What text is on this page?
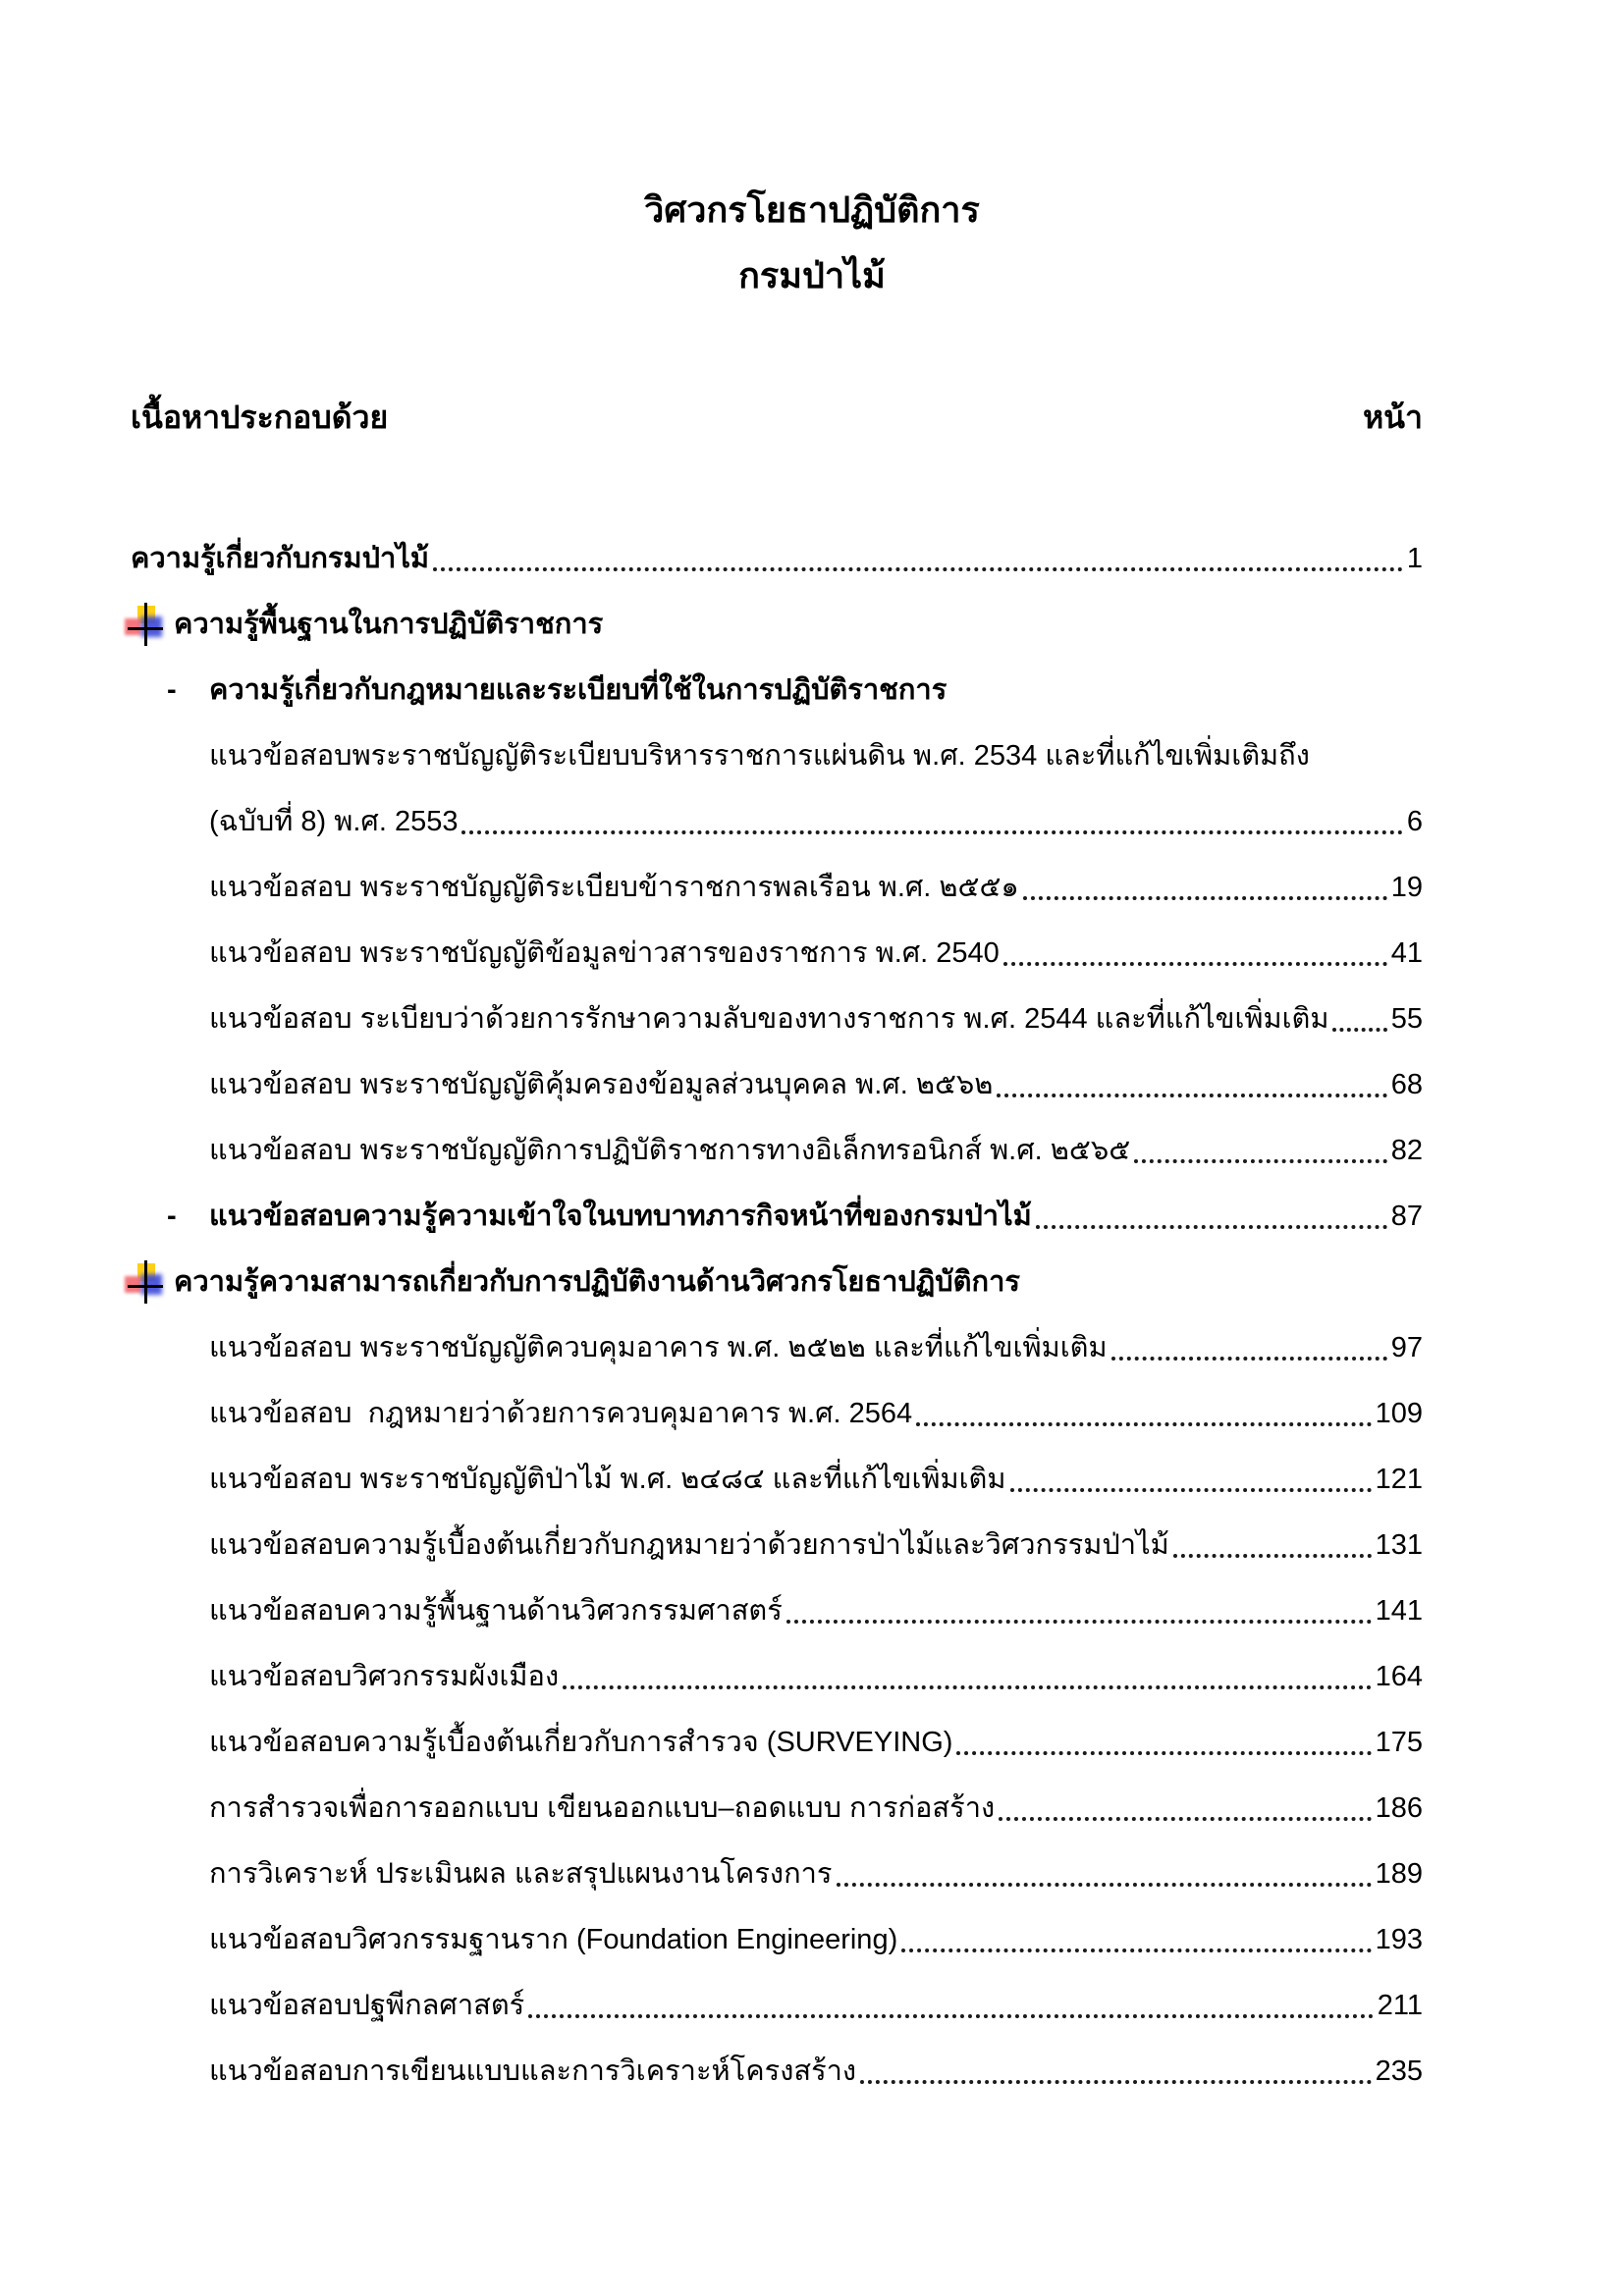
วิศวกรโยธาปฏิบัติการ
กรมป่าไม้
เนื้อหาประกอบด้วย	หน้า
ความรู้เกี่ยวกับกรมป่าไม้	1
ความรู้พื้นฐานในการปฏิบัติราชการ
-	ความรู้เกี่ยวกับกฎหมายและระเบียบที่ใช้ในการปฏิบัติราชการ
แนวข้อสอบพระราชบัญญัติระเบียบบริหารราชการแผ่นดิน พ.ศ. 2534 และที่แก้ไขเพิ่มเติมถึง
(ฉบับที่ 8) พ.ศ. 2553	6
แนวข้อสอบ พระราชบัญญัติระเบียบข้าราชการพลเรือน พ.ศ. ๒๕๕๑	19
แนวข้อสอบ พระราชบัญญัติข้อมูลข่าวสารของราชการ พ.ศ. 2540	41
แนวข้อสอบ ระเบียบว่าด้วยการรักษาความลับของทางราชการ พ.ศ. 2544 และที่แก้ไขเพิ่มเติม 55
แนวข้อสอบ พระราชบัญญัติคุ้มครองข้อมูลส่วนบุคคล พ.ศ. ๒๕๖๒	68
แนวข้อสอบ พระราชบัญญัติการปฏิบัติราชการทางอิเล็กทรอนิกส์ พ.ศ. ๒๕๖๕	82
-	แนวข้อสอบความรู้ความเข้าใจในบทบาทภารกิจหน้าที่ของกรมป่าไม้	87
ความรู้ความสามารถเกี่ยวกับการปฏิบัติงานด้านวิศวกรโยธาปฏิบัติการ
แนวข้อสอบ พระราชบัญญัติควบคุมอาคาร พ.ศ. ๒๕๒๒ และที่แก้ไขเพิ่มเติม	97
แนวข้อสอบ  กฎหมายว่าด้วยการควบคุมอาคาร พ.ศ. 2564	109
แนวข้อสอบ พระราชบัญญัติป่าไม้ พ.ศ. ๒๔๘๔ และที่แก้ไขเพิ่มเติม	121
แนวข้อสอบความรู้เบื้องต้นเกี่ยวกับกฎหมายว่าด้วยการป่าไม้และวิศวกรรมป่าไม้	131
แนวข้อสอบความรู้พื้นฐานด้านวิศวกรรมศาสตร์	141
แนวข้อสอบวิศวกรรมผังเมือง	164
แนวข้อสอบความรู้เบื้องต้นเกี่ยวกับการสำรวจ (SURVEYING)	175
การสำรวจเพื่อการออกแบบ เขียนออกแบบ–ถอดแบบ การก่อสร้าง	186
การวิเคราะห์ ประเมินผล และสรุปแผนงานโครงการ	189
แนวข้อสอบวิศวกรรมฐานราก (Foundation Engineering)	193
แนวข้อสอบปฐพีกลศาสตร์	211
แนวข้อสอบการเขียนแบบและการวิเคราะห์โครงสร้าง	235
